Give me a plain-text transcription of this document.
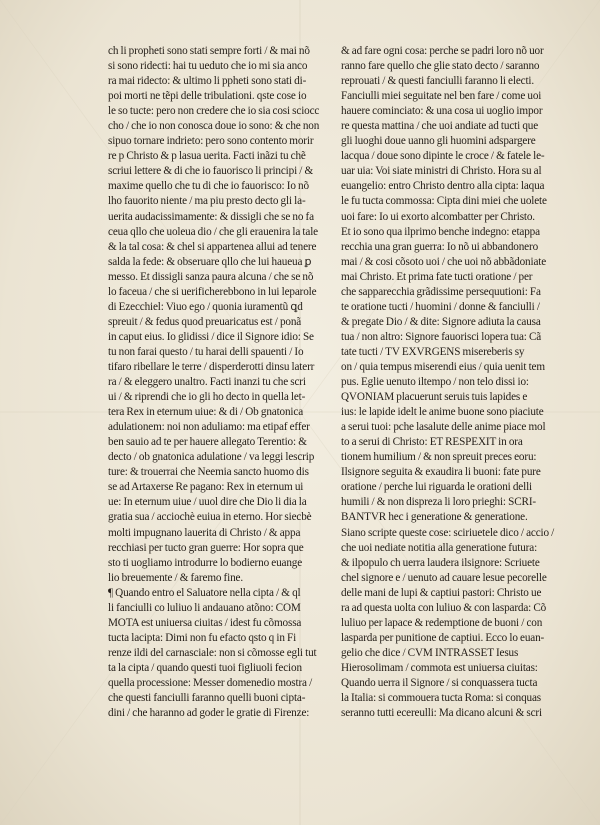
ch li propheti sono stati sempre forti / & mai nõ
si sono ridecti: hai tu ueduto che io mi sia anco
ra mai ridecto: & ultimo li ppheti sono stati di-
poi morti ne tẽpi delle tribulationi. qste cose io
le so tucte: pero non credere che io sia cosi sciocc
cho / che io non conosca doue io sono: & che non
sipuo tornare indrieto: pero sono contento morir
re p Christo & p lasua uerita. Facti inãzi tu chẽ
scriui lettere & di che io fauorisco li principi / &
maxime quello che tu di che io fauorisco: Io nõ
lho fauorito niente / ma piu presto decto gli la-
uerita audacissimamente: & dissigli che se no fa
ceua qllo che uoleua dio / che gli erauenira la tale
& la tal cosa: & chel si appartenea allui ad tenere
salda la fede: & obseruare qllo che lui haueua ꝑ
messo. Et dissigli sanza paura alcuna / che se nõ
lo faceua / che si uerificherebbono in lui leparole
di Ezecchiel: Viuo ego / quonia iuramentũ ꝗd
spreuit / & fedus quod preuaricatus est / ponã
in caput eius. Io glidissi / dice il Signore idio: Se
tu non farai questo / tu harai delli spauenti / Io
tifaro ribellare le terre / disperderotti dinsu laterr
ra / & eleggero unaltro. Facti inanzi tu che scri
ui / & riprendi che io gli ho decto in quella let-
tera Rex in eternum uiue: & di / Ob gnatonica
adulationem: noi non aduliamo: ma etipaf effer
ben sauio ad te per hauere allegato Terentio: &
decto / ob gnatonica adulatione / va leggi lescrip
ture: & trouerrai che Neemia sancto huomo dis
se ad Artaxerse Re pagano: Rex in eternum ui
ue: In eternum uiue / uuol dire che Dio li dia la
gratia sua / acciochè euiua in eterno. Hor siecbè
molti impugnano lauerita di Christo / & appa
recchiasi per tucto gran guerre: Hor sopra que
sto ti uogliamo introdurre lo bodierno euange
lio breuemente / & faremo fine.
¶ Quando entro el Saluatore nella cipta / & ql
li fanciulli co luliuo li andauano atõno: COM
MOTA est uniuersa ciuitas / idest fu cõmossa
tucta lacipta: Dimi non fu efacto qsto q in Fi
renze ildi del carnasciale: non si cõmosse egli tut
ta la cipta / quando questi tuoi figliuoli fecion
quella processione: Messer domenedio mostra /
che questi fanciulli faranno quelli buoni cipta-
dini / che haranno ad goder le gratie di Firenze:
& ad fare ogni cosa: perche se padri loro nõ uor
ranno fare quello che glie stato decto / saranno
reprouati / & questi fanciulli faranno li electi.
Fanciulli miei seguitate nel ben fare / come uoi
hauere cominciato: & una cosa ui uoglio impor
re questa mattina / che uoi andiate ad tucti que
gli luoghi doue uanno gli huomini adspargere
lacqua / doue sono dipinte le croce / & fatele le-
uar uia: Voi siate ministri di Christo. Hora su al
euangelio: entro Christo dentro alla cipta: laqua
le fu tucta commossa: Cipta dini miei che uolete
uoi fare: Io ui exorto alcombatter per Christo.
Et io sono qua ilprimo benche indegno: etappa
recchia una gran guerra: Io nõ ui abbandonero
mai / & cosi cõsoto uoi / che uoi nõ abbãdoniate
mai Christo. Et prima fate tucti oratione / per
che sapparecchia grãdissime persequutioni: Fa
te oratione tucti / huomini / donne & fanciulli /
& pregate Dio / & dite: Signore adiuta la causa
tua / non altro: Signore fauorisci lopera tua: Cã
tate tucti / TV EXVRGENS misereberis sy
on / quia tempus miserendi eius / quia uenit tem
pus. Eglie uenuto iltempo / non telo dissi io:
QVONIAM placuerunt seruis tuis lapides e
ius: le lapide idelt le anime buone sono piaciute
a serui tuoi: pche lasalute delle anime piace mol
to a serui di Christo: ET RESPEXIT in ora
tionem humilium / & non spreuit preces eoru:
Ilsignore seguita & exaudira li buoni: fate pure
oratione / perche lui riguarda le orationi delli
humili / & non dispreza li loro prieghi: SCRI-
BANTVR hec i generatione & generatione.
Siano scripte queste cose: sciriuetele dico / accio /
che uoi nediate notitia alla generatione futura:
& ilpopulo ch uerra laudera ilsignore: Scriuete
chel signore e / uenuto ad cauare lesue pecorelle
delle mani de lupi & captiui pastori: Christo ue
ra ad questa uolta con luliuo & con lasparda: Cõ
luliuo per lapace & redemptione de buoni / con
lasparda per punitione de captiui. Ecco lo euan-
gelio che dice / CVM INTRASSET Iesus
Hierosolimam / commota est uniuersa ciuitas:
Quando uerra il Signore / si conquassera tucta
la Italia: si commouera tucta Roma: si conquas
seranno tutti ecereulli: Ma dicano alcuni & scri
